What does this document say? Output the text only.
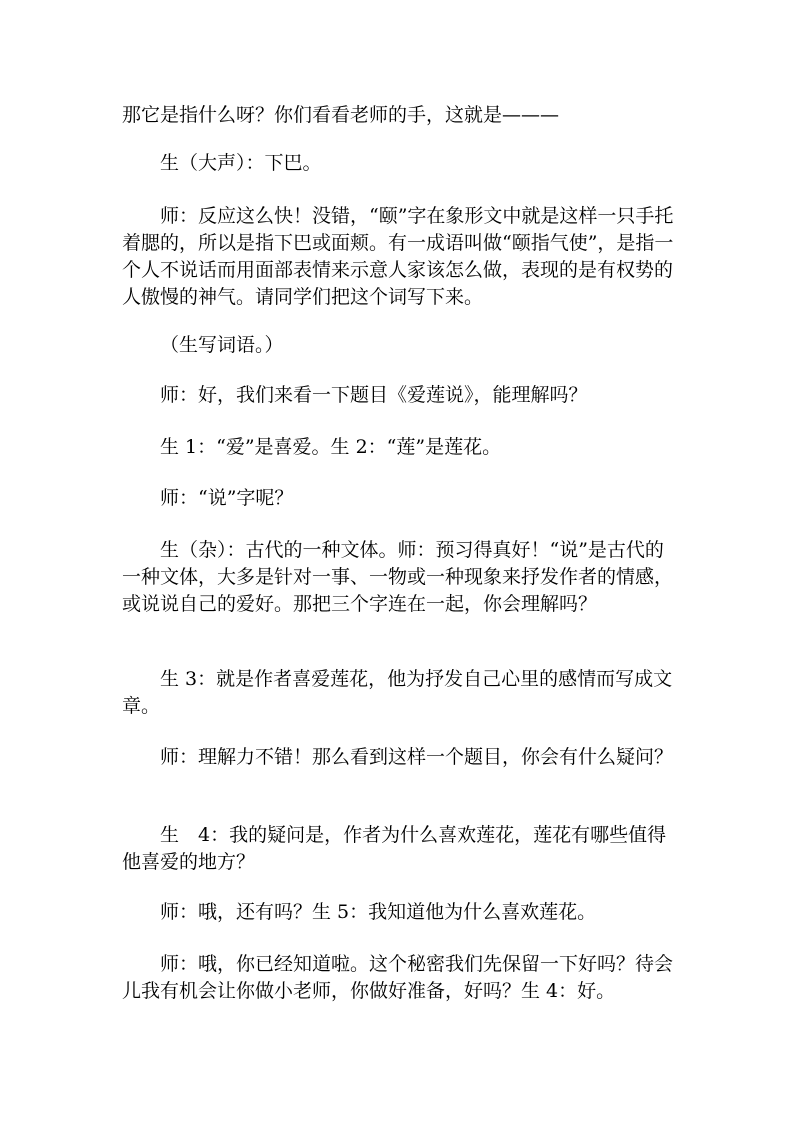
那它是指什么呀？你们看看老师的手，这就是———

生（大声）：下巴。

师：反应这么快！没错，“颐”字在象形文中就是这样一只手托着腮的，所以是指下巴或面颊。有一成语叫做“颐指气使”，是指一个人不说话而用面部表情来示意人家该怎么做，表现的是有权势的人傲慢的神气。请同学们把这个词写下来。

（生写词语。）

师：好，我们来看一下题目《爱莲说》，能理解吗？

生 1：“爱”是喜爱。生 2：“莲”是莲花。

师：“说”字呢？

生（杂）：古代的一种文体。师：预习得真好！“说”是古代的一种文体，大多是针对一事、一物或一种现象来抒发作者的情感，或说说自己的爱好。那把三个字连在一起，你会理解吗？

生 3：就是作者喜爱莲花，他为抒发自己心里的感情而写成文章。

师：理解力不错！那么看到这样一个题目，你会有什么疑问？

生　4：我的疑问是，作者为什么喜欢莲花，莲花有哪些值得他喜爱的地方？

师：哦，还有吗？生 5：我知道他为什么喜欢莲花。

师：哦，你已经知道啦。这个秘密我们先保留一下好吗？待会儿我有机会让你做小老师，你做好准备，好吗？生 4：好。
